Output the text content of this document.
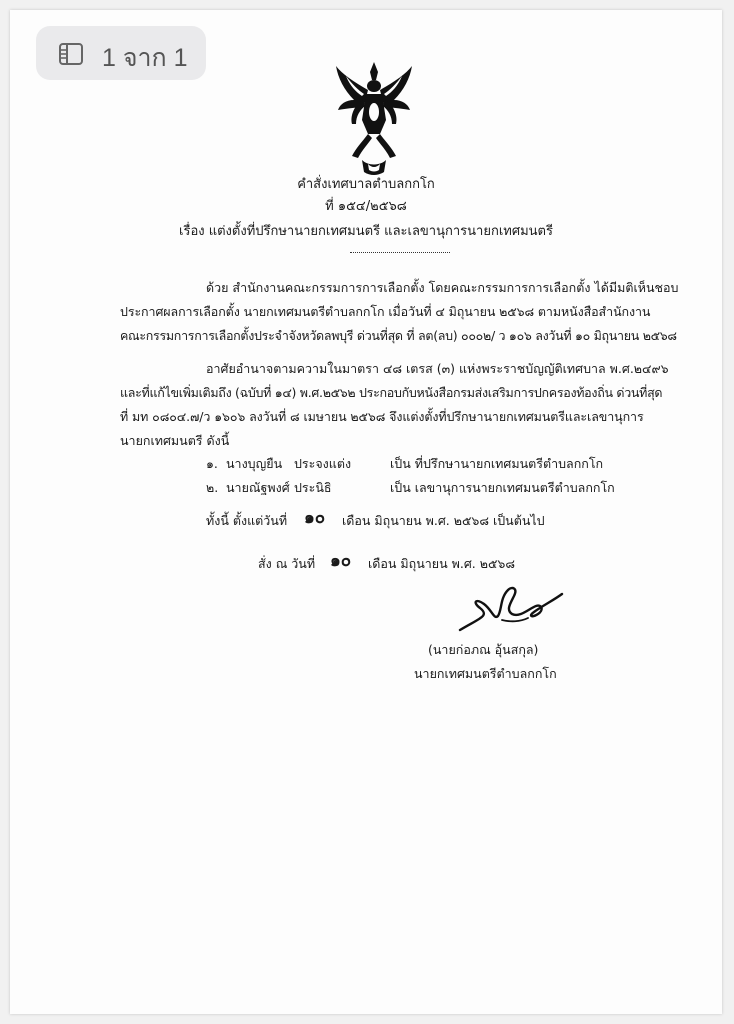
คำสั่งเทศบาลตำบลกกโก
ที่ ๑๕๔/๒๕๖๘
เรื่อง แต่งตั้งที่ปรึกษานายกเทศมนตรี และเลขานุการนายกเทศมนตรี
ด้วย สำนักงานคณะกรรมการการเลือกตั้ง โดยคณะกรรมการการเลือกตั้ง ได้มีมติเห็นชอบ
ประกาศผลการเลือกตั้ง นายกเทศมนตรีตำบลกกโก เมื่อวันที่ ๔ มิถุนายน ๒๕๖๘ ตามหนังสือสำนักงาน
คณะกรรมการการเลือกตั้งประจำจังหวัดลพบุรี ด่วนที่สุด ที่ ลต(ลบ) ๐๐๐๒/ ว ๑๐๖ ลงวันที่ ๑๐ มิถุนายน ๒๕๖๘
อาศัยอำนาจตามความในมาตรา ๔๘ เตรส (๓) แห่งพระราชบัญญัติเทศบาล พ.ศ.๒๔๙๖
และที่แก้ไขเพิ่มเติมถึง (ฉบับที่ ๑๔) พ.ศ.๒๕๖๒ ประกอบกับหนังสือกรมส่งเสริมการปกครองท้องถิ่น ด่วนที่สุด
ที่ มท ๐๘๐๔.๗/ว ๑๖๐๖ ลงวันที่ ๘ เมษายน ๒๕๖๘ จึงแต่งตั้งที่ปรึกษานายกเทศมนตรีและเลขานุการ
นายกเทศมนตรี ดังนี้
๑. นางบุญยืน ประจงแต่ง	เป็น ที่ปรึกษานายกเทศมนตรีตำบลกกโก
๒. นายณัฐพงศ์ ประนิธิ	เป็น เลขานุการนายกเทศมนตรีตำบลกกโก
ทั้งนี้ ตั้งแต่วันที่ ๑๐ เดือน มิถุนายน พ.ศ. ๒๕๖๘ เป็นต้นไป
สั่ง ณ วันที่ ๑๐ เดือน มิถุนายน พ.ศ. ๒๕๖๘
(นายก่อภณ อุ้นสกุล)
นายกเทศมนตรีตำบลกกโก
1 จาก 1
